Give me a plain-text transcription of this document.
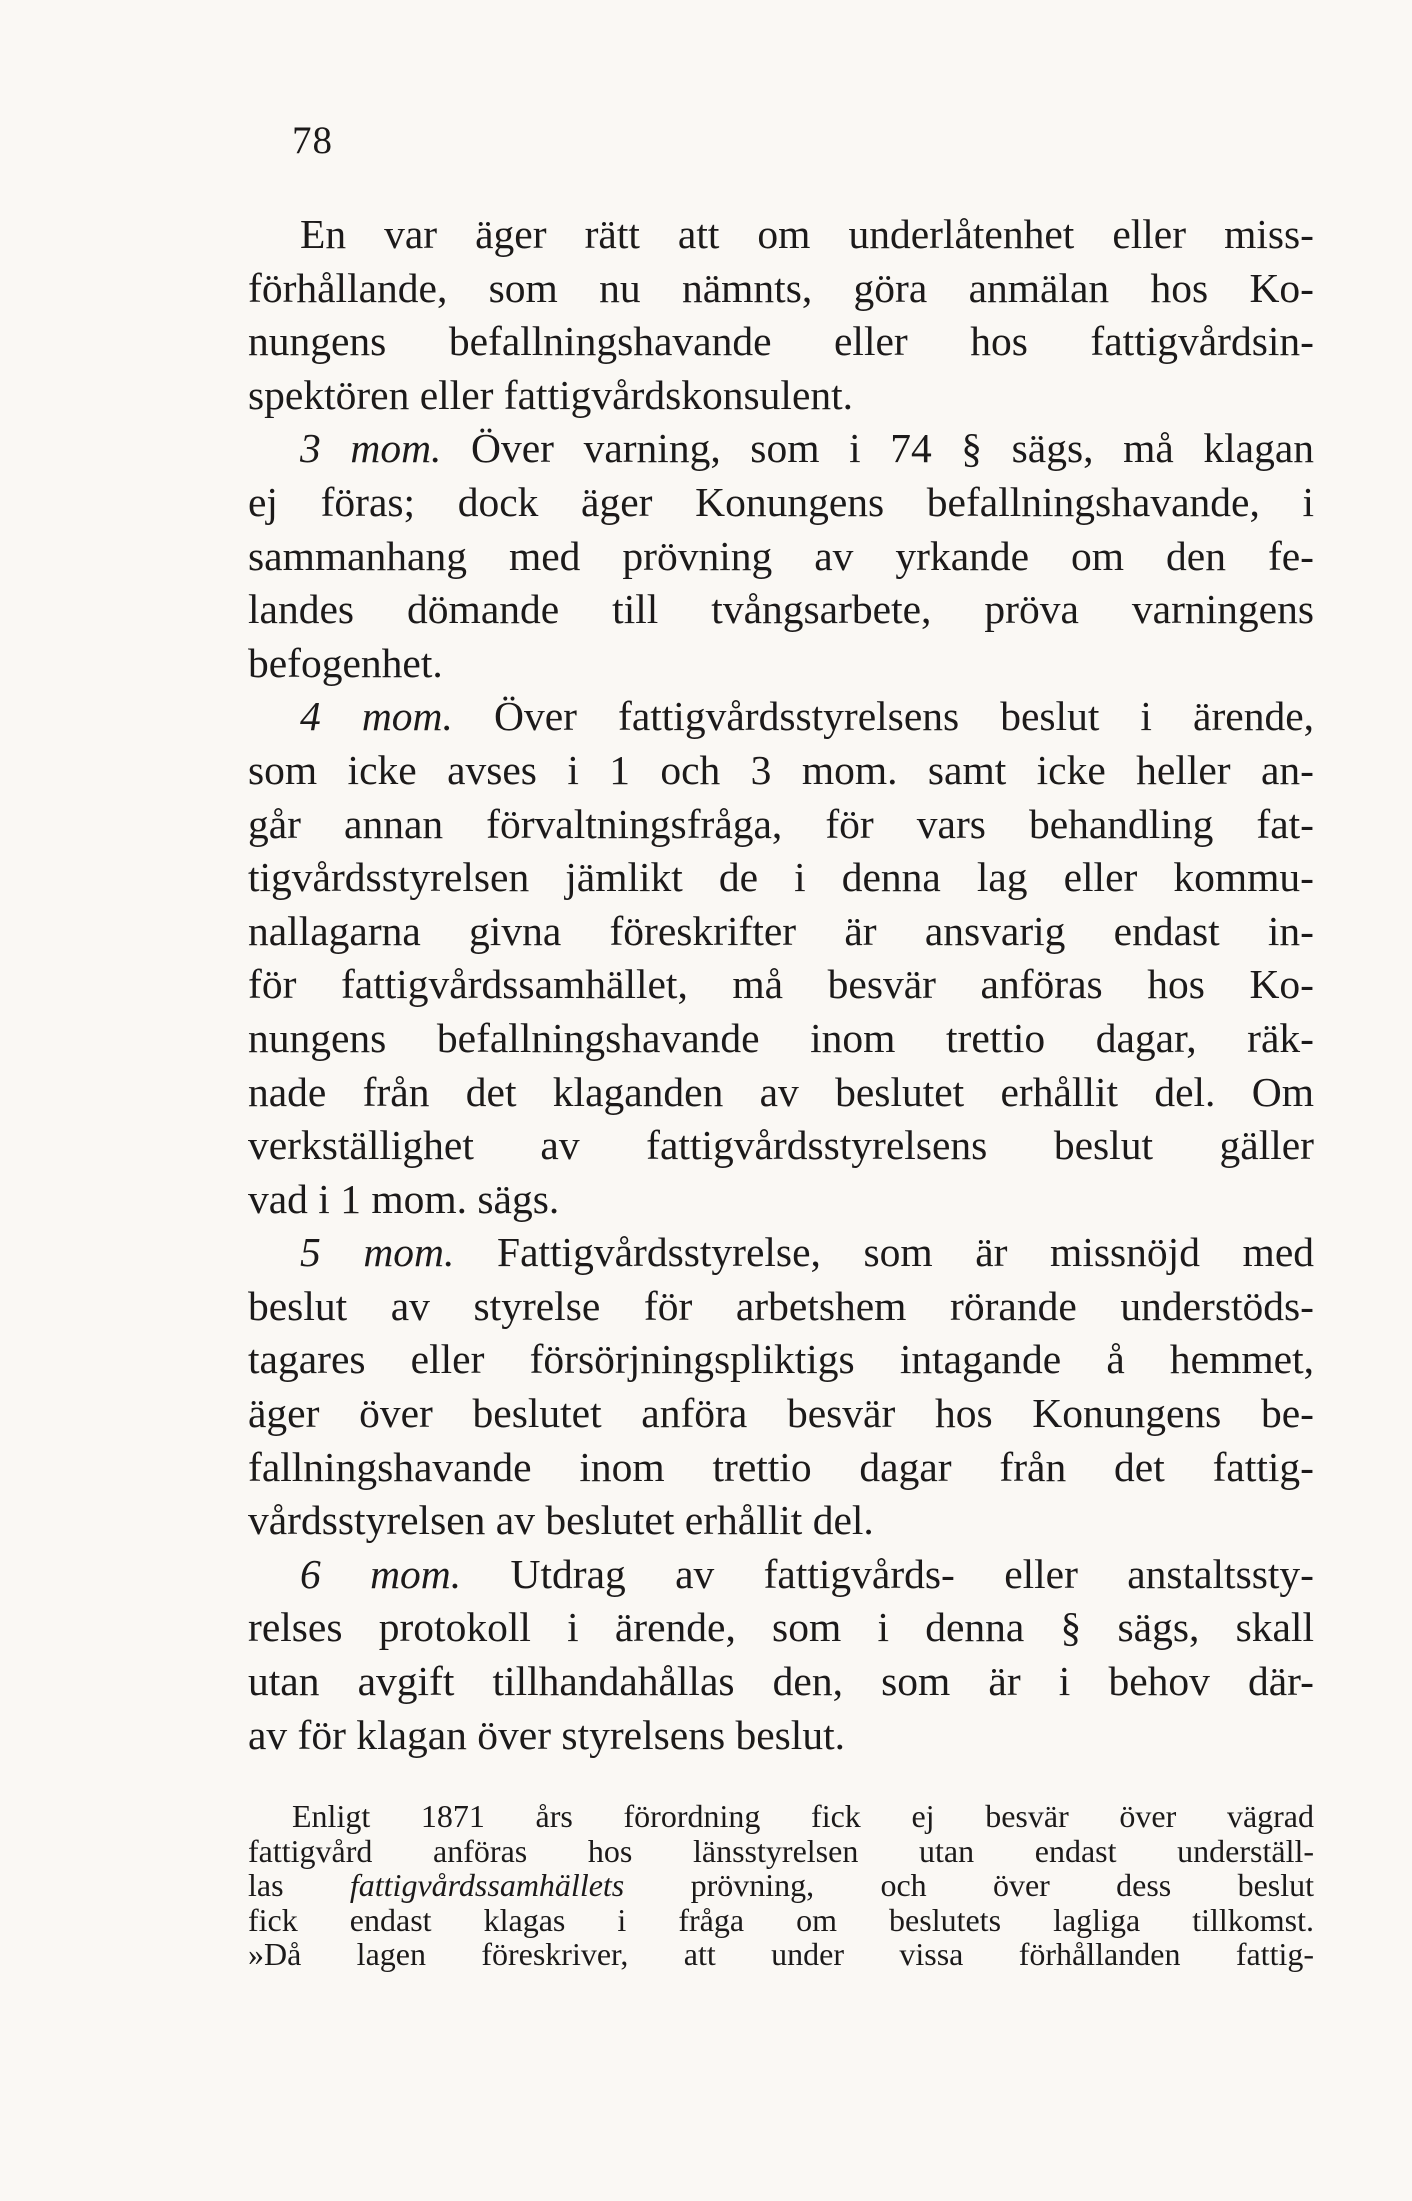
78
En var äger rätt att om underlåtenhet eller miss-
förhållande, som nu nämnts, göra anmälan hos Ko-
nungens befallningshavande eller hos fattigvårdsin-
spektören eller fattigvårdskonsulent.
3 mom. Över varning, som i 74 § sägs, må klagan
ej föras; dock äger Konungens befallningshavande, i
sammanhang med prövning av yrkande om den fe-
landes dömande till tvångsarbete, pröva varningens
befogenhet.
4 mom. Över fattigvårdsstyrelsens beslut i ärende,
som icke avses i 1 och 3 mom. samt icke heller an-
går annan förvaltningsfråga, för vars behandling fat-
tigvårdsstyrelsen jämlikt de i denna lag eller kommu-
nallagarna givna föreskrifter är ansvarig endast in-
för fattigvårdssamhället, må besvär anföras hos Ko-
nungens befallningshavande inom trettio dagar, räk-
nade från det klaganden av beslutet erhållit del. Om
verkställighet av fattigvårdsstyrelsens beslut gäller
vad i 1 mom. sägs.
5 mom. Fattigvårdsstyrelse, som är missnöjd med
beslut av styrelse för arbetshem rörande understöds-
tagares eller försörjningspliktigs intagande å hemmet,
äger över beslutet anföra besvär hos Konungens be-
fallningshavande inom trettio dagar från det fattig-
vårdsstyrelsen av beslutet erhållit del.
6 mom. Utdrag av fattigvårds- eller anstaltssty-
relses protokoll i ärende, som i denna § sägs, skall
utan avgift tillhandahållas den, som är i behov där-
av för klagan över styrelsens beslut.
Enligt 1871 års förordning fick ej besvär över vägrad
fattigvård anföras hos länsstyrelsen utan endast underställ-
las fattigvårdssamhällets prövning, och över dess beslut
fick endast klagas i fråga om beslutets lagliga tillkomst.
»Då lagen föreskriver, att under vissa förhållanden fattig-
